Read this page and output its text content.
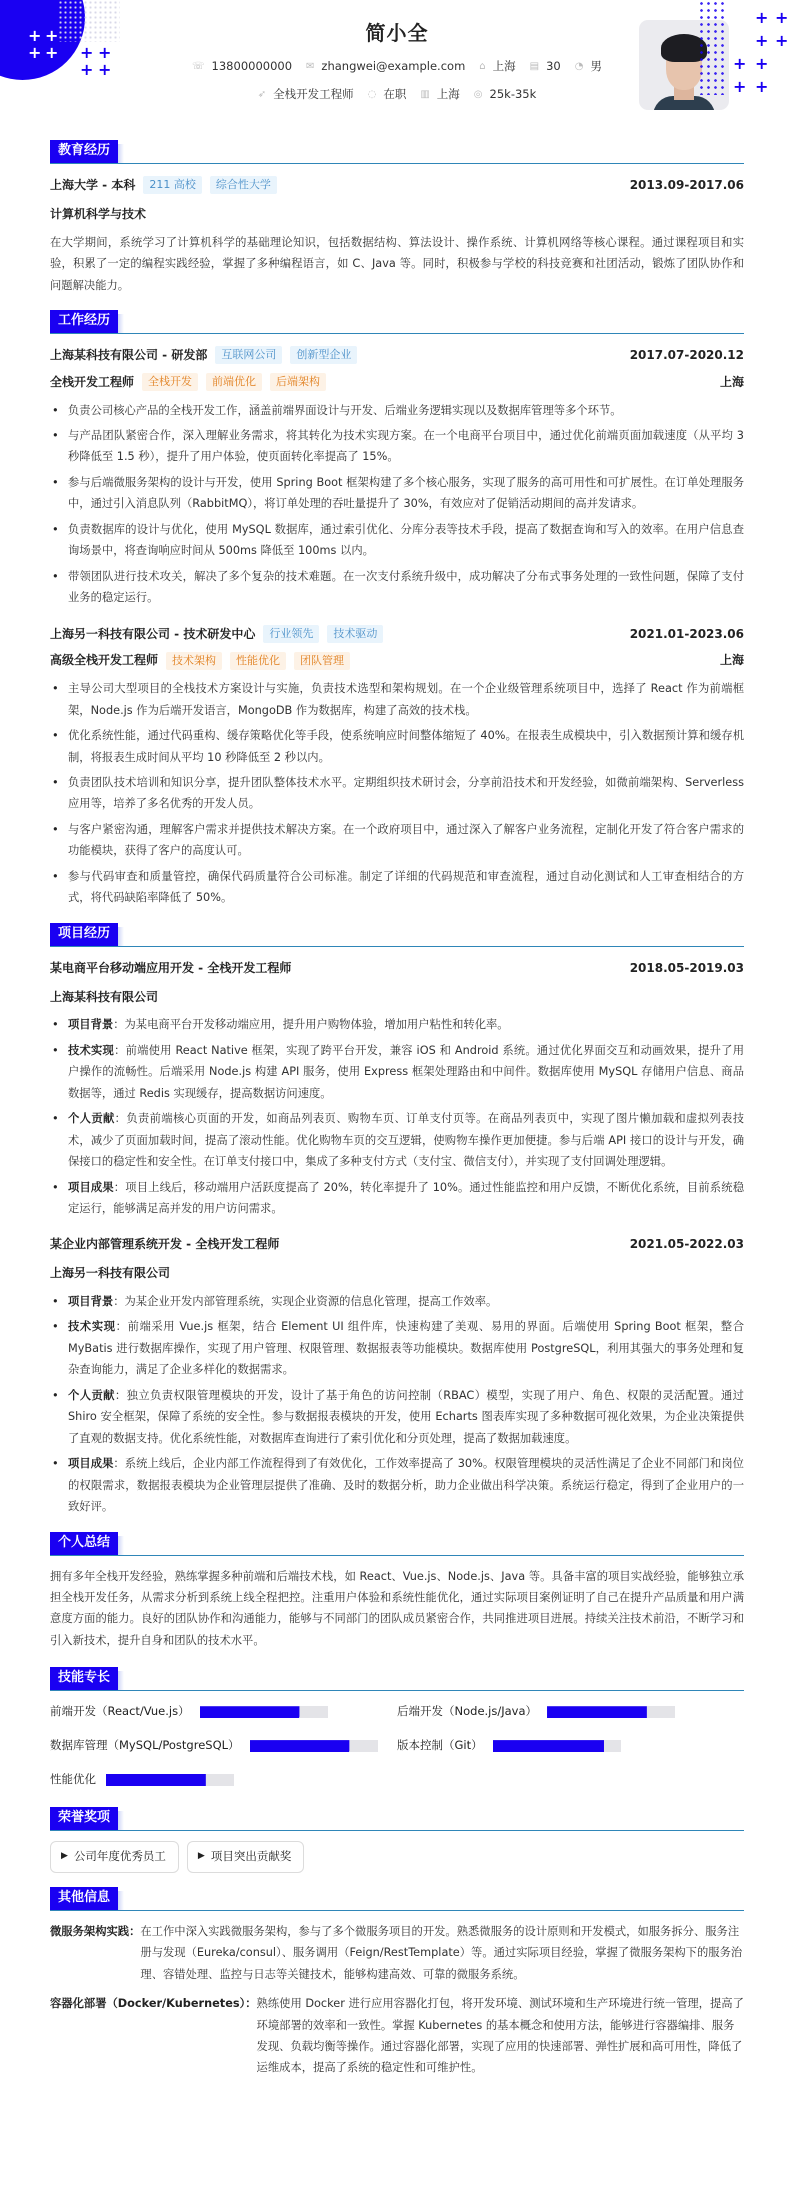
+ +
+ + + +
+ +
+ +
+ +
+ +
+ +
简小全
☏ 13800000000 ✉ zhangwei@example.com ⌂ 上海 ▤ 30 ◔ 男
➶ 全栈开发工程师 ◌ 在职 ▥ 上海 ◎ 25k-35k
教育经历
上海大学 - 本科	211 高校	综合性大学	2013.09-2017.06
计算机科学与技术
在大学期间，系统学习了计算机科学的基础理论知识，包括数据结构、算法设计、操作系统、计算机网络等核心课程。通过课程项目和实验，积累了一定的编程实践经验，掌握了多种编程语言，如 C、Java 等。同时，积极参与学校的科技竞赛和社团活动，锻炼了团队协作和问题解决能力。
工作经历
上海某科技有限公司 - 研发部	互联网公司	创新型企业	2017.07-2020.12
全栈开发工程师	全栈开发	前端优化	后端架构	上海
• 负责公司核心产品的全栈开发工作，涵盖前端界面设计与开发、后端业务逻辑实现以及数据库管理等多个环节。
• 与产品团队紧密合作，深入理解业务需求，将其转化为技术实现方案。在一个电商平台项目中，通过优化前端页面加载速度（从平均 3 秒降低至 1.5 秒），提升了用户体验，使页面转化率提高了 15%。
• 参与后端微服务架构的设计与开发，使用 Spring Boot 框架构建了多个核心服务，实现了服务的高可用性和可扩展性。在订单处理服务中，通过引入消息队列（RabbitMQ），将订单处理的吞吐量提升了 30%，有效应对了促销活动期间的高并发请求。
• 负责数据库的设计与优化，使用 MySQL 数据库，通过索引优化、分库分表等技术手段，提高了数据查询和写入的效率。在用户信息查询场景中，将查询响应时间从 500ms 降低至 100ms 以内。
• 带领团队进行技术攻关，解决了多个复杂的技术难题。在一次支付系统升级中，成功解决了分布式事务处理的一致性问题，保障了支付业务的稳定运行。
上海另一科技有限公司 - 技术研发中心	行业领先	技术驱动	2021.01-2023.06
高级全栈开发工程师	技术架构	性能优化	团队管理	上海
• 主导公司大型项目的全栈技术方案设计与实施，负责技术选型和架构规划。在一个企业级管理系统项目中，选择了 React 作为前端框架，Node.js 作为后端开发语言，MongoDB 作为数据库，构建了高效的技术栈。
• 优化系统性能，通过代码重构、缓存策略优化等手段，使系统响应时间整体缩短了 40%。在报表生成模块中，引入数据预计算和缓存机制，将报表生成时间从平均 10 秒降低至 2 秒以内。
• 负责团队技术培训和知识分享，提升团队整体技术水平。定期组织技术研讨会，分享前沿技术和开发经验，如微前端架构、Serverless 应用等，培养了多名优秀的开发人员。
• 与客户紧密沟通，理解客户需求并提供技术解决方案。在一个政府项目中，通过深入了解客户业务流程，定制化开发了符合客户需求的功能模块，获得了客户的高度认可。
• 参与代码审查和质量管控，确保代码质量符合公司标准。制定了详细的代码规范和审查流程，通过自动化测试和人工审查相结合的方式，将代码缺陷率降低了 50%。
项目经历
某电商平台移动端应用开发 - 全栈开发工程师	2018.05-2019.03
上海某科技有限公司
• 项目背景：为某电商平台开发移动端应用，提升用户购物体验，增加用户粘性和转化率。
• 技术实现：前端使用 React Native 框架，实现了跨平台开发，兼容 iOS 和 Android 系统。通过优化界面交互和动画效果，提升了用户操作的流畅性。后端采用 Node.js 构建 API 服务，使用 Express 框架处理路由和中间件。数据库使用 MySQL 存储用户信息、商品数据等，通过 Redis 实现缓存，提高数据访问速度。
• 个人贡献：负责前端核心页面的开发，如商品列表页、购物车页、订单支付页等。在商品列表页中，实现了图片懒加载和虚拟列表技术，减少了页面加载时间，提高了滚动性能。优化购物车页的交互逻辑，使购物车操作更加便捷。参与后端 API 接口的设计与开发，确保接口的稳定性和安全性。在订单支付接口中，集成了多种支付方式（支付宝、微信支付），并实现了支付回调处理逻辑。
• 项目成果：项目上线后，移动端用户活跃度提高了 20%，转化率提升了 10%。通过性能监控和用户反馈，不断优化系统，目前系统稳定运行，能够满足高并发的用户访问需求。
某企业内部管理系统开发 - 全栈开发工程师	2021.05-2022.03
上海另一科技有限公司
• 项目背景：为某企业开发内部管理系统，实现企业资源的信息化管理，提高工作效率。
• 技术实现：前端采用 Vue.js 框架，结合 Element UI 组件库，快速构建了美观、易用的界面。后端使用 Spring Boot 框架，整合 MyBatis 进行数据库操作，实现了用户管理、权限管理、数据报表等功能模块。数据库使用 PostgreSQL，利用其强大的事务处理和复杂查询能力，满足了企业多样化的数据需求。
• 个人贡献：独立负责权限管理模块的开发，设计了基于角色的访问控制（RBAC）模型，实现了用户、角色、权限的灵活配置。通过 Shiro 安全框架，保障了系统的安全性。参与数据报表模块的开发，使用 Echarts 图表库实现了多种数据可视化效果，为企业决策提供了直观的数据支持。优化系统性能，对数据库查询进行了索引优化和分页处理，提高了数据加载速度。
• 项目成果：系统上线后，企业内部工作流程得到了有效优化，工作效率提高了 30%。权限管理模块的灵活性满足了企业不同部门和岗位的权限需求，数据报表模块为企业管理层提供了准确、及时的数据分析，助力企业做出科学决策。系统运行稳定，得到了企业用户的一致好评。
个人总结
拥有多年全栈开发经验，熟练掌握多种前端和后端技术栈，如 React、Vue.js、Node.js、Java 等。具备丰富的项目实战经验，能够独立承担全栈开发任务，从需求分析到系统上线全程把控。注重用户体验和系统性能优化，通过实际项目案例证明了自己在提升产品质量和用户满意度方面的能力。良好的团队协作和沟通能力，能够与不同部门的团队成员紧密合作，共同推进项目进展。持续关注技术前沿，不断学习和引入新技术，提升自身和团队的技术水平。
技能专长
前端开发（React/Vue.js）	后端开发（Node.js/Java）
数据库管理（MySQL/PostgreSQL）	版本控制（Git）
性能优化
荣誉奖项
▶ 公司年度优秀员工	▶ 项目突出贡献奖
其他信息
微服务架构实践： 在工作中深入实践微服务架构，参与了多个微服务项目的开发。熟悉微服务的设计原则和开发模式，如服务拆分、服务注册与发现（Eureka/consul）、服务调用（Feign/RestTemplate）等。通过实际项目经验，掌握了微服务架构下的服务治理、容错处理、监控与日志等关键技术，能够构建高效、可靠的微服务系统。
容器化部署（Docker/Kubernetes）： 熟练使用 Docker 进行应用容器化打包，将开发环境、测试环境和生产环境进行统一管理，提高了环境部署的效率和一致性。掌握 Kubernetes 的基本概念和使用方法，能够进行容器编排、服务发现、负载均衡等操作。通过容器化部署，实现了应用的快速部署、弹性扩展和高可用性，降低了运维成本，提高了系统的稳定性和可维护性。
